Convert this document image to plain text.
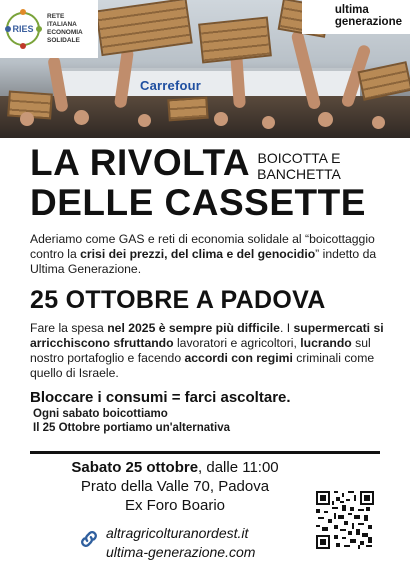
Carrefour
RIES
RETE
ITALIANA
ECONOMIA
SOLIDALE
ultima
generazione
LA RIVOLTA
DELLE CASSETTE
BOICOTTA E
BANCHETTA
Aderiamo come GAS e reti di economia solidale al “boicottaggio contro la crisi dei prezzi, del clima e del genocidio” indetto da Ultima Generazione.
25 OTTOBRE A PADOVA
Fare la spesa nel 2025 è sempre più difficile. I supermercati si arricchiscono sfruttando lavoratori e agricoltori, lucrando sul nostro portafoglio e facendo accordi con regimi criminali come quello di Israele.
Bloccare i consumi = farci ascoltare.
Ogni sabato boicottiamo
Il 25 Ottobre portiamo un'alternativa
Sabato 25 ottobre, dalle 11:00
Prato della Valle 70, Padova
Ex Foro Boario
altragricolturanordest.it
ultima-generazione.com
